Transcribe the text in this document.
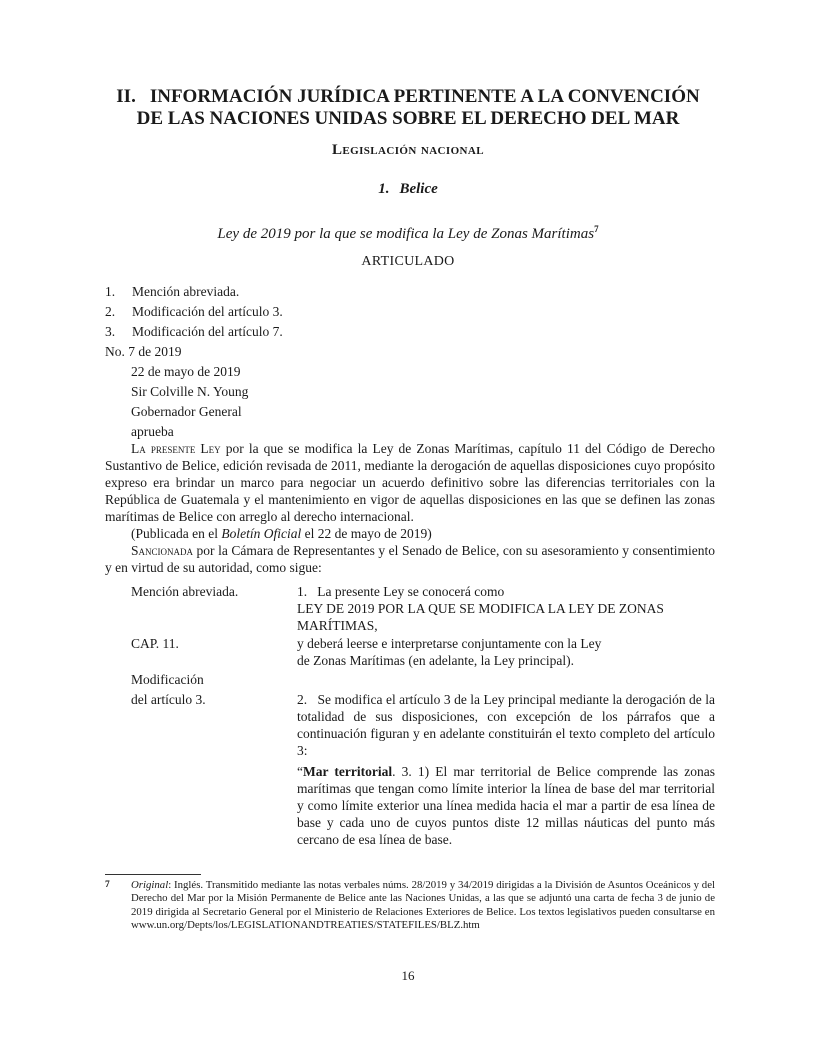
II. INFORMACIÓN JURÍDICA PERTINENTE A LA CONVENCIÓN
DE LAS NACIONES UNIDAS SOBRE EL DERECHO DEL MAR
Legislación nacional
1. Belice
Ley de 2019 por la que se modifica la Ley de Zonas Marítimas$^7$
ARTICULADO
1. Mención abreviada.
2. Modificación del artículo 3.
3. Modificación del artículo 7.
No. 7 de 2019
22 de mayo de 2019
Sir Colville N. Young
Gobernador General
aprueba

La presente Ley por la que se modifica la Ley de Zonas Marítimas, capítulo 11 del Código de Derecho Sustantivo de Belice, edición revisada de 2011, mediante la derogación de aquellas disposiciones cuyo propósito expreso era brindar un marco para negociar un acuerdo definitivo sobre las diferencias territoriales con la República de Guatemala y el mantenimiento en vigor de aquellas disposiciones en las que se definen las zonas marítimas de Belice con arreglo al derecho internacional.

(Publicada en el Boletín Oficial el 22 de mayo de 2019)

Sancionada por la Cámara de Representantes y el Senado de Belice, con su asesoramiento y consentimiento y en virtud de su autoridad, como sigue:

Mención abreviada.	1.   La presente Ley se conocerá como
LEY DE 2019 POR LA QUE SE MODIFICA LA LEY DE ZONAS
MARÍTIMAS,
CAP. 11.	y deberá leerse e interpretarse conjuntamente con la Ley
de Zonas Marítimas (en adelante, la Ley principal).
Modificación
del artículo 3.	2.   Se modifica el artículo 3 de la Ley principal mediante la derogación de la totalidad de sus disposiciones, con excepción de los párrafos que a continuación figuran y en adelante constituirán el texto completo del artículo 3:

“Mar territorial. 3. 1) El mar territorial de Belice comprende las zonas marítimas que tengan como límite interior la línea de base del mar territorial y como límite exterior una línea medida hacia el mar a partir de esa línea de base y cada uno de cuyos puntos diste 12 millas náuticas del punto más cercano de esa línea de base.

7 Original: Inglés. Transmitido mediante las notas verbales núms. 28/2019 y 34/2019 dirigidas a la División de Asuntos Oceánicos y del Derecho del Mar por la Misión Permanente de Belice ante las Naciones Unidas, a las que se adjuntó una carta de fecha 3 de junio de 2019 dirigida al Secretario General por el Ministerio de Relaciones Exteriores de Belice. Los textos legislativos pueden consultarse en www.un.org/Depts/los/LEGISLATIONANDTREATIES/STATEFILES/BLZ.htm
16
